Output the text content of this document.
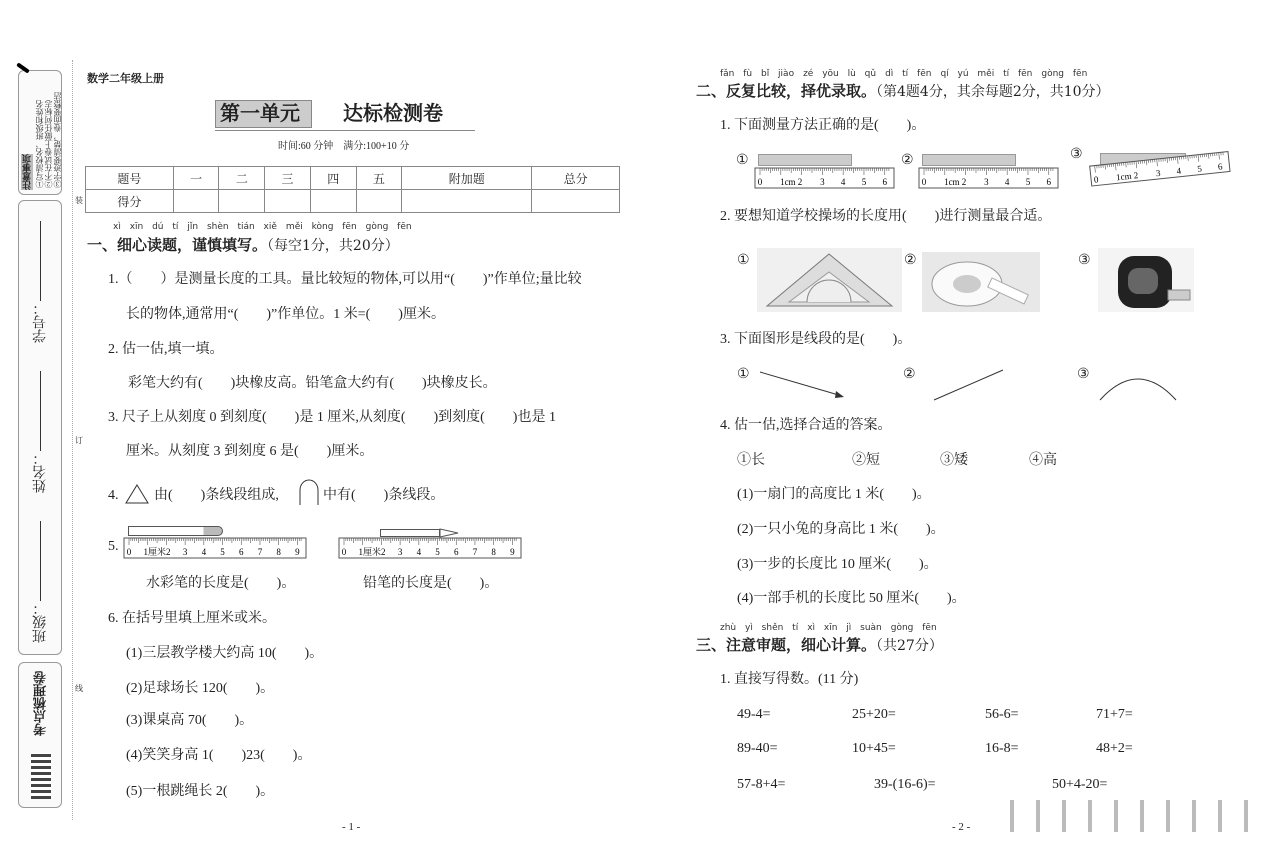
注意事项 ①写清校名、班级和姓名 ②不在试卷上做任何标志 ③字迹要清楚，卷面要整洁
学号：
姓名：
班级：
考点梳理卷
装
订
线
数学二年级上册
第一单元 达标检测卷
时间:60 分钟　满分:100+10 分
题号	一	二	三	四	五	附加题	总分
得分							
xì xīn dú tí　jǐn shèn tián xiě　měi kòng fēn　gòng fēn
一、细心读题，谨慎填写。（每空1分，共20分）
1.（　　）是测量长度的工具。量比较短的物体,可以用“(　　)”作单位;量比较
长的物体,通常用“(　　)”作单位。1 米=(　　)厘米。
2. 估一估,填一填。
彩笔大约有(　　)块橡皮高。铅笔盒大约有(　　)块橡皮长。
3. 尺子上从刻度 0 到刻度(　　)是 1 厘米,从刻度(　　)到刻度(　　)也是 1
厘米。从刻度 3 到刻度 6 是(　　)厘米。
4.	由(　　)条线段组成,	中有(　　)条线段。
5. 0 1厘米2 3 4 5 6 7 8 9	0 1厘米2 3 4 5 6 7 8 9
水彩笔的长度是(　　)。	铅笔的长度是(　　)。
6. 在括号里填上厘米或米。
(1)三层教学楼大约高 10(　　)。
(2)足球场长 120(　　)。
(3)课桌高 70(　　)。
(4)笑笑身高 1(　　)23(　　)。
(5)一根跳绳长 2(　　)。
- 1 -
fǎn fù bǐ jiào　zé yōu lù qǔ　dì tí fēn　qí yú měi tí fēn　gòng fēn
二、反复比较，择优录取。（第4题4分，其余每题2分，共10分）
1. 下面测量方法正确的是(　　)。
①
0 1cm 2 3 4 5 6
②
0 1cm 2 3 4 5 6
③
0 1cm 2 3 4 5 6
2. 要想知道学校操场的长度用(　　)进行测量最合适。
①	②	③
3. 下面图形是线段的是(　　)。
①	②	③
4. 估一估,选择合适的答案。
①长	②短	③矮	④高
(1)一扇门的高度比 1 米(　　)。
(2)一只小兔的身高比 1 米(　　)。
(3)一步的长度比 10 厘米(　　)。
(4)一部手机的长度比 50 厘米(　　)。
zhù yì shěn tí　xì xīn jì suàn　gòng fēn
三、注意审题，细心计算。（共27分）
1. 直接写得数。(11 分)
49-4=	25+20=	56-6=	71+7=
89-40=	10+45=	16-8=	48+2=
57-8+4=	39-(16-6)=	50+4-20=
- 2 -
